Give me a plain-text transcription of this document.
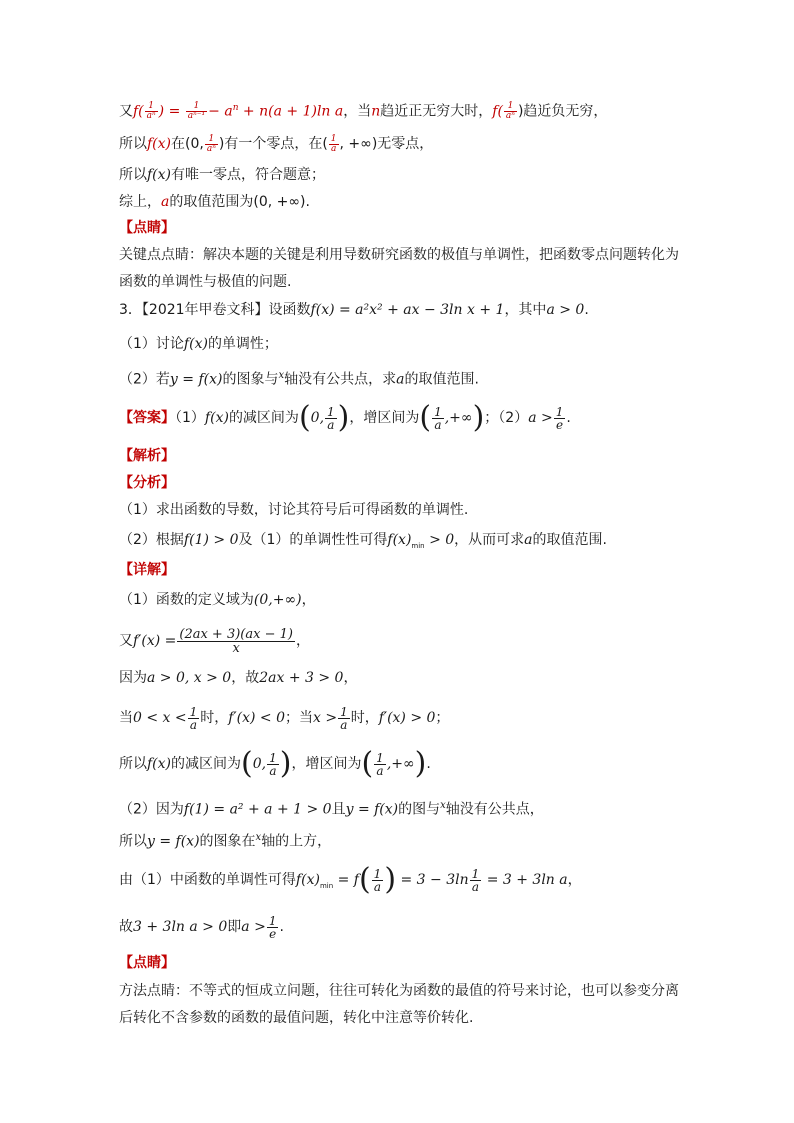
又$f( \frac{1}{\text{aⁿ}}$ ) = $\frac{1}{\text{aⁿ⁻¹}} - a^n + n(a + 1)\ln$ a，当n趋近正无穷大时，$f( \frac{1}{\text{aⁿ}}$ )趋近负无穷，
所以f(x)在(0, $\frac{1}{\text{aⁿ}}$ )有一个零点，在( $\frac{1}{a}$ , +∞)无零点，
所以f(x)有唯一零点，符合题意；
综上，a的取值范围为(0, +∞).
【点睛】
关键点点睛：解决本题的关键是利用导数研究函数的极值与单调性，把函数零点问题转化为
函数的单调性与极值的问题.
3．【2021年甲卷文科】设函数f(x) = a²x² + ax − 3ln x + 1，其中a > 0.
（1）讨论f(x)的单调性；
（2）若y = f(x)的图象与$^x$轴没有公共点，求a的取值范围.
【答案】（1）f(x)的减区间为(0, $\frac{1}{a}$ )，增区间为( $\frac{1}{a}$ ,+∞)；$(2)a > \frac{1}{e}$ .
【解析】
【分析】
（1）求出函数的导数，讨论其符号后可得函数的单调性.
（2）根据f(1) > 0及（1）的单调性性可得$f(x)_{min} > 0$，从而可求a的取值范围.
【详解】
（1）函数的定义域为(0,+∞)，
又$f'(x) = \frac{(2ax + 3)(ax - 1)}{x}$ ，
因为a > 0, x > 0，故2ax + 3 > 0，
当$0 < x < \frac{1}{a}$ 时，f′(x) < 0；当$x > \frac{1}{a}$ 时，f′(x) > 0；
所以f(x)的减区间为(0, $\frac{1}{a}$ )，增区间为( $\frac{1}{a}$ ,+∞).
（2）因为f(1) = a² + a + 1 > 0且y = f(x)的图与$^x$轴没有公共点，
所以y = f(x)的图象在$^x$轴的上方，
由（1）中函数的单调性可得$f(x)_{min} = f( \frac{1}{a}$ ) = $3 - 3\ln \frac{1}{a} = 3 + 3\ln$ a，
故3 + 3ln a > 0即$a > \frac{1}{e}$ .
【点睛】
方法点睛：不等式的恒成立问题，往往可转化为函数的最值的符号来讨论，也可以参变分离
后转化不含参数的函数的最值问题，转化中注意等价转化.
